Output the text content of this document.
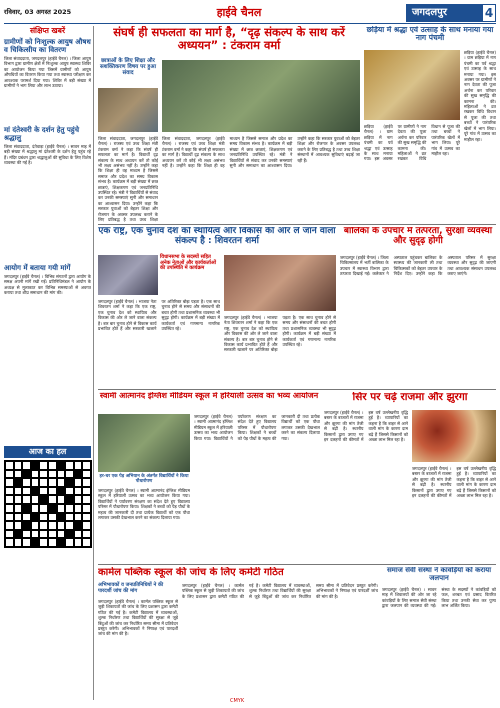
रविवार, 03 अगस्त 2025	हाईवे चैनल	जगदलपुर	4
संक्षिप्त खबरें
ग्रामीणों को निःशुल्क आयुष औषध व चिकित्सीय का वितरण
जिला संवाददाता, जगदलपुर (हाईवे चैनल) । जिला आयुष विभाग द्वारा ग्रामीण क्षेत्रों में निःशुल्क आयुष स्वास्थ्य शिविर का आयोजन किया गया जिसमें ग्रामीणों को आयुष औषधियों का वितरण किया गया तथा स्वास्थ्य परीक्षण कर आवश्यक परामर्श दिया गया। शिविर में बड़ी संख्या में ग्रामीणों ने भाग लिया और लाभ उठाया।
मां दंतेश्वरी के दर्शन हेतु पहुंचे श्रद्धालु
जिला संवाददाता, दंतेवाड़ा (हाईवे चैनल) । सावन माह में बड़ी संख्या में श्रद्धालु मां दंतेश्वरी के दर्शन हेतु पहुंच रहे हैं। मंदिर प्रबंधन द्वारा श्रद्धालुओं की सुविधा के लिए विशेष व्यवस्था की गई है।
आयोग में बताया गयी मांगें
जगदलपुर (हाईवे चैनल) । विभिन्न संगठनों द्वारा आयोग के समक्ष अपनी मांगें रखी गईं। प्रतिनिधिमंडल ने आयोग के अध्यक्ष से मुलाकात कर विभिन्न समस्याओं से अवगत कराया तथा शीघ्र समाधान की मांग की।
आज का हल
संघर्ष ही सफलता का मार्ग है, “दृढ़ संकल्प के साथ करें अध्ययन” : टंकराम वर्मा
छात्राओं के लिए शिक्षा और सशक्तिकरण विषय पर हुआ संवाद
जिला संवाददाता, जगदलपुर (हाईवे चैनल) । राजस्व एवं उच्च शिक्षा मंत्री टंकराम वर्मा ने कहा कि संघर्ष ही सफलता का मार्ग है। विद्यार्थी दृढ़ संकल्प के साथ अध्ययन करें तो कोई भी लक्ष्य असंभव नहीं है। उन्होंने कहा कि शिक्षा ही वह माध्यम है जिससे समाज और प्रदेश का समग्र विकास संभव है। कार्यक्रम में बड़ी संख्या में छात्र छात्राएं, शिक्षकगण एवं जनप्रतिनिधि उपस्थित रहे। मंत्री ने विद्यार्थियों से संवाद कर उनकी समस्याएं सुनी और समाधान का आश्वासन दिया। उन्होंने कहा कि सरकार युवाओं को बेहतर शिक्षा और रोजगार के अवसर उपलब्ध कराने के लिए प्रतिबद्ध है तथा उच्च शिक्षा
जिला संवाददाता, जगदलपुर (हाईवे चैनल) । राजस्व एवं उच्च शिक्षा मंत्री टंकराम वर्मा ने कहा कि संघर्ष ही सफलता का मार्ग है। विद्यार्थी दृढ़ संकल्प के साथ अध्ययन करें तो कोई भी लक्ष्य असंभव नहीं है। उन्होंने कहा कि शिक्षा ही वह माध्यम है जिससे समाज और प्रदेश का समग्र विकास संभव है। कार्यक्रम में बड़ी संख्या में छात्र छात्राएं, शिक्षकगण एवं जनप्रतिनिधि उपस्थित रहे। मंत्री ने विद्यार्थियों से संवाद कर उनकी समस्याएं सुनी और समाधान का आश्वासन दिया। उन्होंने कहा कि सरकार युवाओं को बेहतर शिक्षा और रोजगार के अवसर उपलब्ध कराने के लिए प्रतिबद्ध है तथा उच्च शिक्षा संस्थानों में आवश्यक सुविधाएं बढ़ाई जा रही हैं।
छड़िया में श्रद्धा एवं उत्साह के साथ मनाया गया नाग पंचमी
छड़िया (हाईवे चैनल) । ग्राम छड़िया में नाग पंचमी का पर्व श्रद्धा एवं उत्साह के साथ मनाया गया। इस अवसर पर ग्रामीणों ने नाग देवता की पूजा अर्चना कर परिवार की सुख समृद्धि की कामना की। महिलाओं ने व्रत रखकर विधि विधान से पूजा की तथा बच्चों ने पारंपरिक खेलों में भाग लिया। पूरे गांव में उत्सव का माहौल रहा।
छड़िया (हाईवे चैनल) । ग्राम छड़िया में नाग पंचमी का पर्व श्रद्धा एवं उत्साह के साथ मनाया गया। इस अवसर पर ग्रामीणों ने नाग देवता की पूजा अर्चना कर परिवार की सुख समृद्धि की कामना की। महिलाओं ने व्रत रखकर विधि विधान से पूजा की तथा बच्चों ने पारंपरिक खेलों में भाग लिया। पूरे गांव में उत्सव का माहौल रहा।
एक राष्ट्र, एक चुनाव देश को स्थायित्व और विकास की ओर ले जाने वाला संकल्प है : शिवरतन शर्मा
विधानसभा के सदस्यों सहित अनेक नेताओं और कार्यकर्ताओं की उपस्थिति में कार्यक्रम
जगदलपुर (हाईवे चैनल) । भाजपा नेता शिवरतन शर्मा ने कहा कि एक राष्ट्र, एक चुनाव देश को स्थायित्व और विकास की ओर ले जाने वाला संकल्प है। बार बार चुनाव होने से विकास कार्य प्रभावित होते हैं और सरकारी खजाने पर अतिरिक्त बोझ पड़ता है। एक साथ चुनाव होने से समय और संसाधनों की बचत होगी तथा प्रशासनिक व्यवस्था भी सुदृढ़ होगी। कार्यक्रम में बड़ी संख्या में कार्यकर्ता एवं गणमान्य नागरिक उपस्थित रहे।
जगदलपुर (हाईवे चैनल) । भाजपा नेता शिवरतन शर्मा ने कहा कि एक राष्ट्र, एक चुनाव देश को स्थायित्व और विकास की ओर ले जाने वाला संकल्प है। बार बार चुनाव होने से विकास कार्य प्रभावित होते हैं और सरकारी खजाने पर अतिरिक्त बोझ पड़ता है। एक साथ चुनाव होने से समय और संसाधनों की बचत होगी तथा प्रशासनिक व्यवस्था भी सुदृढ़ होगी। कार्यक्रम में बड़ी संख्या में कार्यकर्ता एवं गणमान्य नागरिक उपस्थित रहे।
बालिका के उपचार में तत्परता, सुरक्षा व्यवस्था और सुदृढ़ होगी
जगदलपुर (हाईवे चैनल) । जिला चिकित्सालय में भर्ती बालिका के उपचार में स्वास्थ्य विभाग द्वारा तत्परता दिखाई गई। कलेक्टर ने अस्पताल पहुंचकर बालिका के स्वास्थ्य की जानकारी ली तथा चिकित्सकों को बेहतर उपचार के निर्देश दिए। उन्होंने कहा कि अस्पताल परिसर में सुरक्षा व्यवस्था और सुदृढ़ की जाएगी तथा आवश्यक संसाधन उपलब्ध कराए जाएंगे।
स्वामी आत्मानंद इंग्लिश मीडियम स्कूल में हरियाली उत्सव का भव्य आयोजन
हर-घर एक पेड़ अभियान के अंतर्गत विद्यार्थियों ने किया पौधारोपण
जगदलपुर (हाईवे चैनल) । स्वामी आत्मानंद इंग्लिश मीडियम स्कूल में हरियाली उत्सव का भव्य आयोजन किया गया। विद्यार्थियों ने पर्यावरण संरक्षण का संदेश देते हुए विद्यालय परिसर में पौधारोपण किया। शिक्षकों ने बच्चों को पेड़ पौधों के महत्व की जानकारी दी तथा प्रत्येक विद्यार्थी को एक पौधा लगाकर उसकी देखभाल करने का संकल्प दिलाया गया।
जगदलपुर (हाईवे चैनल) । स्वामी आत्मानंद इंग्लिश मीडियम स्कूल में हरियाली उत्सव का भव्य आयोजन किया गया। विद्यार्थियों ने पर्यावरण संरक्षण का संदेश देते हुए विद्यालय परिसर में पौधारोपण किया। शिक्षकों ने बच्चों को पेड़ पौधों के महत्व की जानकारी दी तथा प्रत्येक विद्यार्थी को एक पौधा लगाकर उसकी देखभाल करने का संकल्प दिलाया गया।
सिर पर चढ़े राजमा और झुरगा
जगदलपुर (हाईवे चैनल) । बस्तर के बाजारों में राजमा और झुरगा की मांग तेजी से बढ़ी है। स्थानीय किसानों द्वारा उगाए गए इन दलहनों की कीमतों में इस वर्ष उल्लेखनीय वृद्धि हुई है। व्यापारियों का कहना है कि बाहर से आने वाली मांग के कारण दाम बढ़े हैं जिससे किसानों को अच्छा लाभ मिल रहा है।
जगदलपुर (हाईवे चैनल) । बस्तर के बाजारों में राजमा और झुरगा की मांग तेजी से बढ़ी है। स्थानीय किसानों द्वारा उगाए गए इन दलहनों की कीमतों में इस वर्ष उल्लेखनीय वृद्धि हुई है। व्यापारियों का कहना है कि बाहर से आने वाली मांग के कारण दाम बढ़े हैं जिससे किसानों को अच्छा लाभ मिल रहा है।
कार्मल पब्लिक स्कूल की जांच के लिए कमेटी गठित
अभिभावकों व जनप्रतिनिधियों ने की पारदर्शी जांच की मांग
जगदलपुर (हाईवे चैनल) । कार्मल पब्लिक स्कूल से जुड़ी शिकायतों की जांच के लिए प्रशासन द्वारा कमेटी गठित की गई है। कमेटी विद्यालय में व्यवस्थाओं, शुल्क निर्धारण तथा विद्यार्थियों की सुरक्षा से जुड़े बिंदुओं की जांच कर निर्धारित समय सीमा में प्रतिवेदन प्रस्तुत करेगी। अभिभावकों ने निष्पक्ष एवं पारदर्शी जांच की मांग की है।
जगदलपुर (हाईवे चैनल) । कार्मल पब्लिक स्कूल से जुड़ी शिकायतों की जांच के लिए प्रशासन द्वारा कमेटी गठित की गई है। कमेटी विद्यालय में व्यवस्थाओं, शुल्क निर्धारण तथा विद्यार्थियों की सुरक्षा से जुड़े बिंदुओं की जांच कर निर्धारित समय सीमा में प्रतिवेदन प्रस्तुत करेगी। अभिभावकों ने निष्पक्ष एवं पारदर्शी जांच की मांग की है।
समाज सेवी संस्था ने कांवड़ियों को कराया जलपान
जगदलपुर (हाईवे चैनल) । सावन माह में शिवालयों की ओर जा रहे कांवड़ियों के लिए समाज सेवी संस्था द्वारा जलपान की व्यवस्था की गई। संस्था के सदस्यों ने कांवड़ियों को फल, शरबत एवं प्रसाद वितरित किया तथा उनकी सेवा कर पुण्य लाभ अर्जित किया।
CMYK
